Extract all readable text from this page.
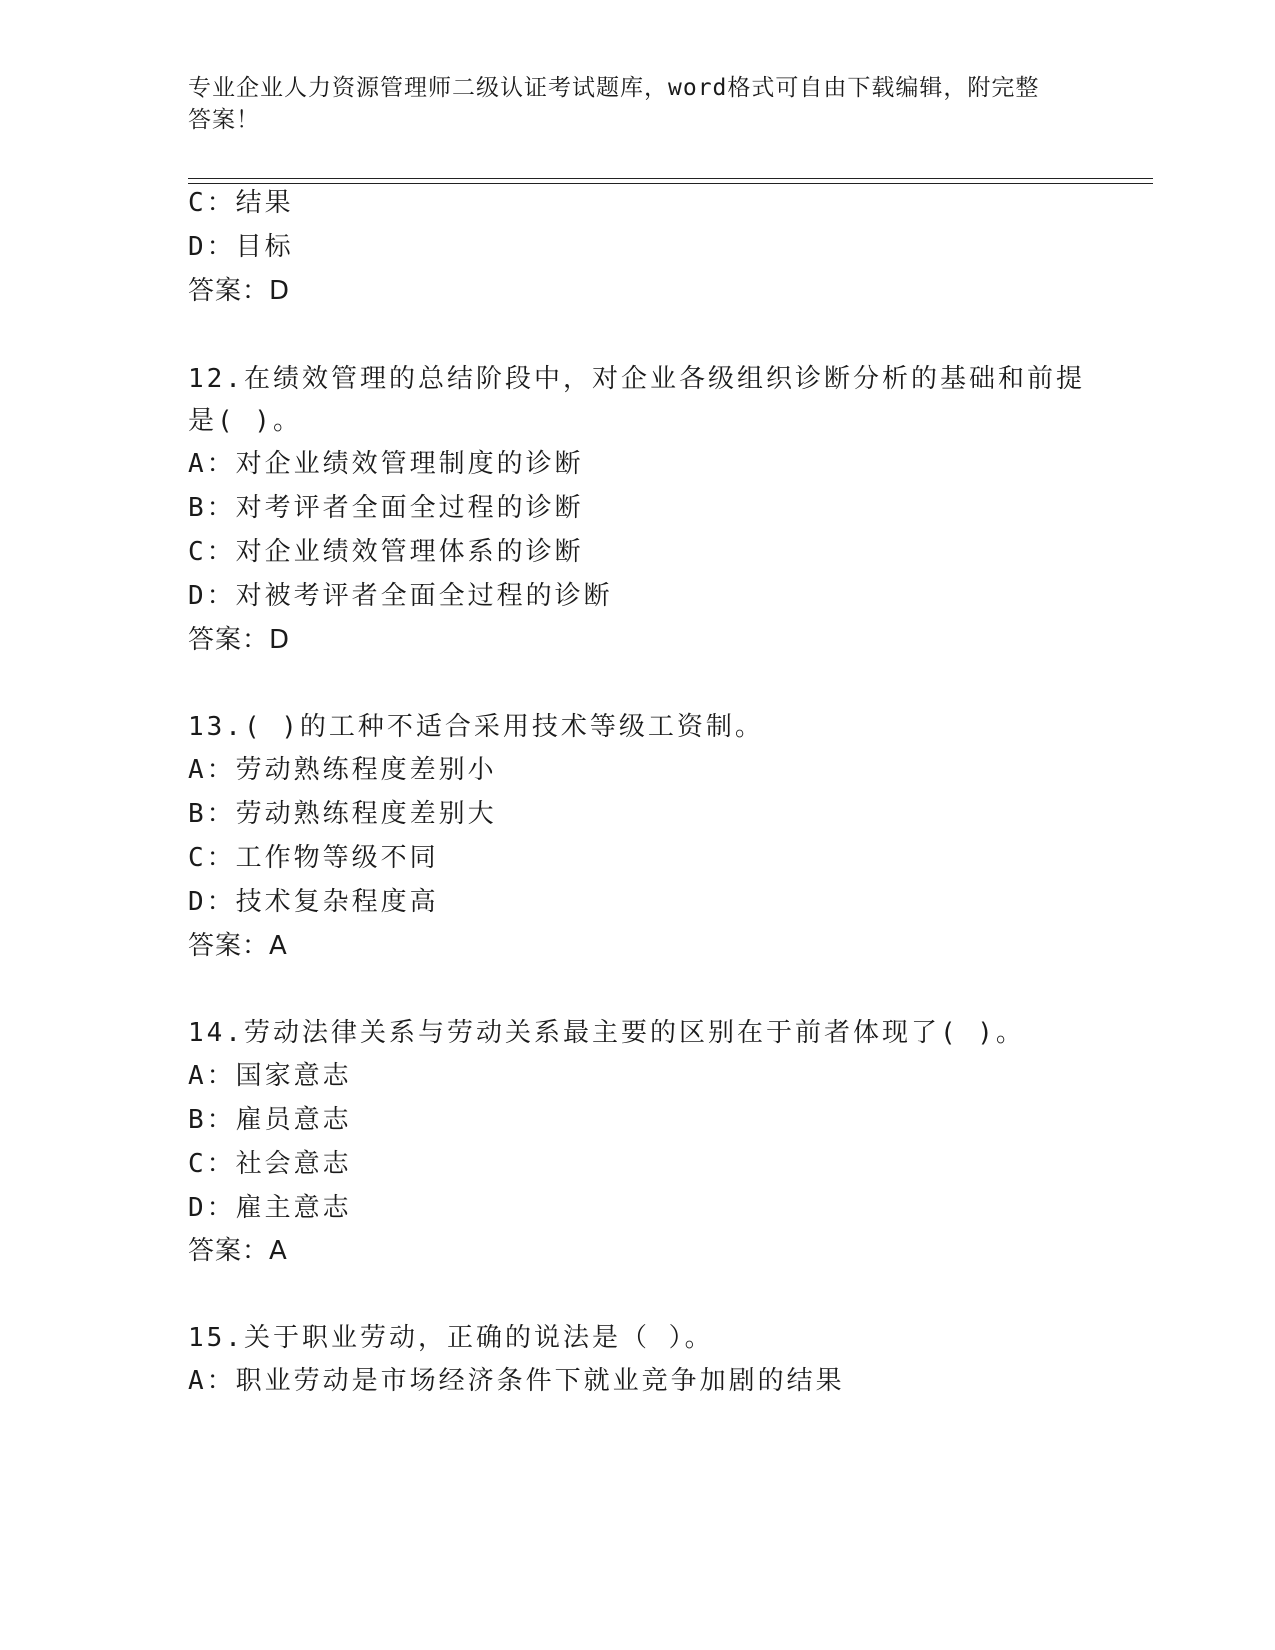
专业企业人力资源管理师二级认证考试题库，word格式可自由下载编辑，附完整
答案！
C：结果
D：目标
答案：D
12.在绩效管理的总结阶段中，对企业各级组织诊断分析的基础和前提
是( )。
A：对企业绩效管理制度的诊断
B：对考评者全面全过程的诊断
C：对企业绩效管理体系的诊断
D：对被考评者全面全过程的诊断
答案：D
13.( )的工种不适合采用技术等级工资制。
A：劳动熟练程度差别小
B：劳动熟练程度差别大
C：工作物等级不同
D：技术复杂程度高
答案：A
14.劳动法律关系与劳动关系最主要的区别在于前者体现了( )。
A：国家意志
B：雇员意志
C：社会意志
D：雇主意志
答案：A
15.关于职业劳动，正确的说法是（ ）。
A：职业劳动是市场经济条件下就业竞争加剧的结果
